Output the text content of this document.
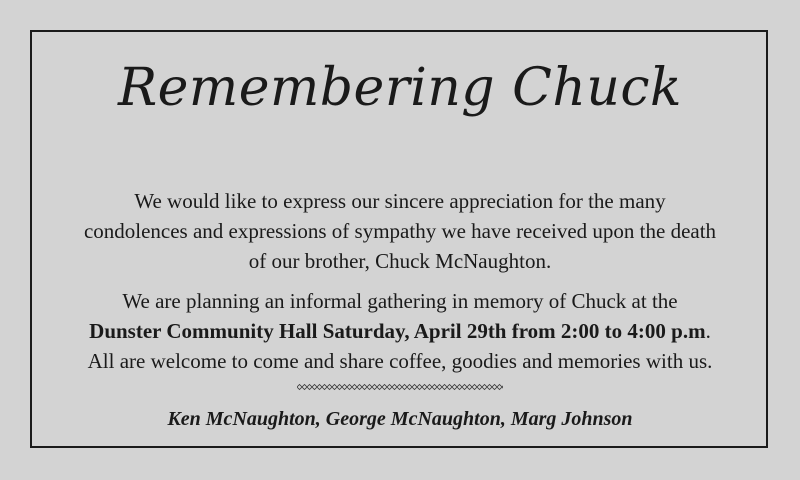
Remembering Chuck
We would like to express our sincere appreciation for the many
condolences and expressions of sympathy we have received upon the death
of our brother, Chuck McNaughton.
We are planning an informal gathering in memory of Chuck at the
Dunster Community Hall Saturday, April 29th from 2:00 to 4:00 p.m.
All are welcome to come and share coffee, goodies and memories with us.
Ken McNaughton, George McNaughton, Marg Johnson
